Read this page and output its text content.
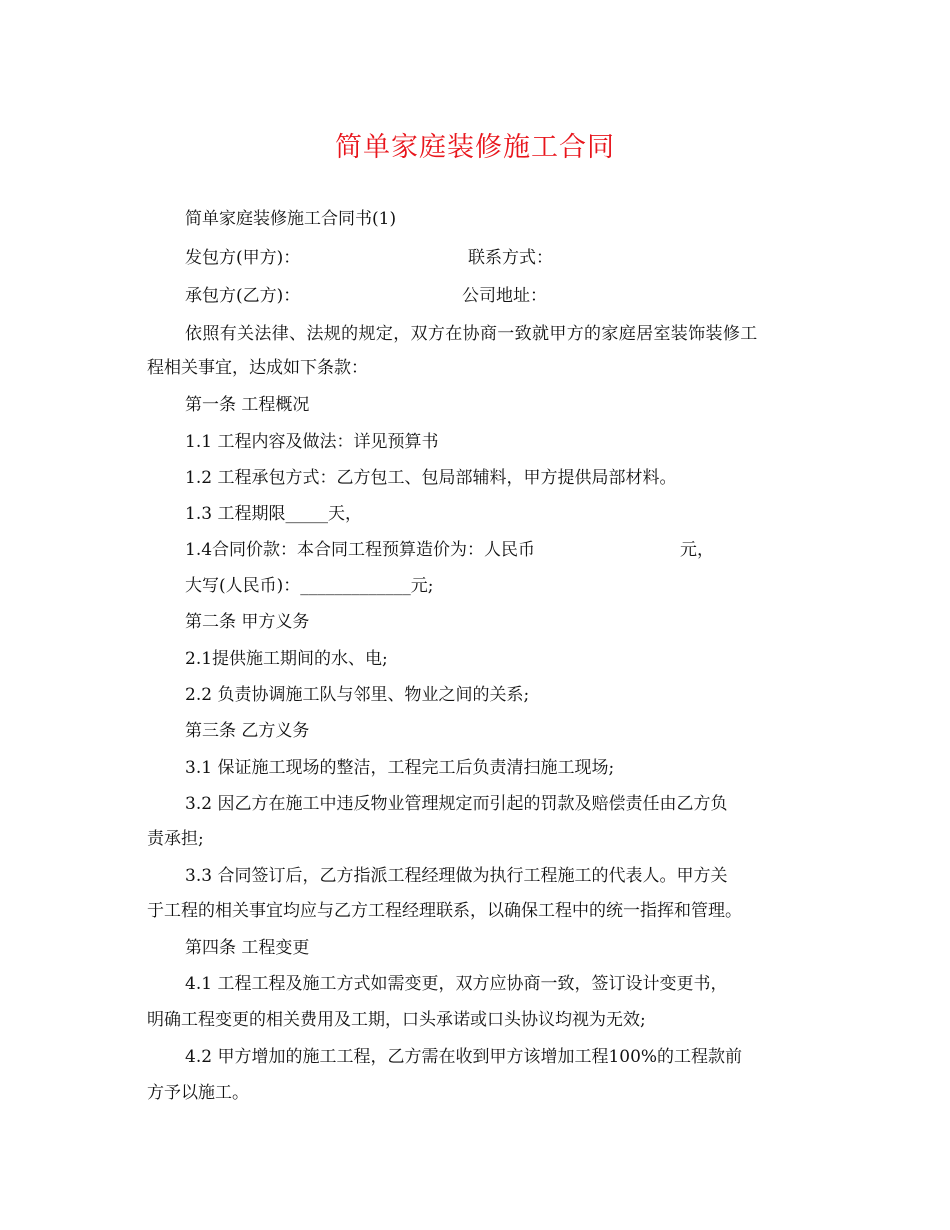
简单家庭装修施工合同
简单家庭装修施工合同书(1)
发包方(甲方)：	联系方式：
承包方(乙方)：	公司地址：
依照有关法律、法规的规定，双方在协商一致就甲方的家庭居室装饰装修工
程相关事宜，达成如下条款：
第一条 工程概况
1.1 工程内容及做法：详见预算书
1.2 工程承包方式：乙方包工、包局部辅料，甲方提供局部材料。
1.3 工程期限_____天，
1.4合同价款：本合同工程预算造价为：人民币	元，
大写(人民币)：_____________元;
第二条 甲方义务
2.1提供施工期间的水、电;
2.2 负责协调施工队与邻里、物业之间的关系;
第三条 乙方义务
3.1 保证施工现场的整洁，工程完工后负责清扫施工现场;
3.2 因乙方在施工中违反物业管理规定而引起的罚款及赔偿责任由乙方负
责承担;
3.3 合同签订后，乙方指派工程经理做为执行工程施工的代表人。甲方关
于工程的相关事宜均应与乙方工程经理联系，以确保工程中的统一指挥和管理。
第四条 工程变更
4.1 工程工程及施工方式如需变更，双方应协商一致，签订设计变更书，
明确工程变更的相关费用及工期，口头承诺或口头协议均视为无效;
4.2 甲方增加的施工工程，乙方需在收到甲方该增加工程100%的工程款前
方予以施工。
